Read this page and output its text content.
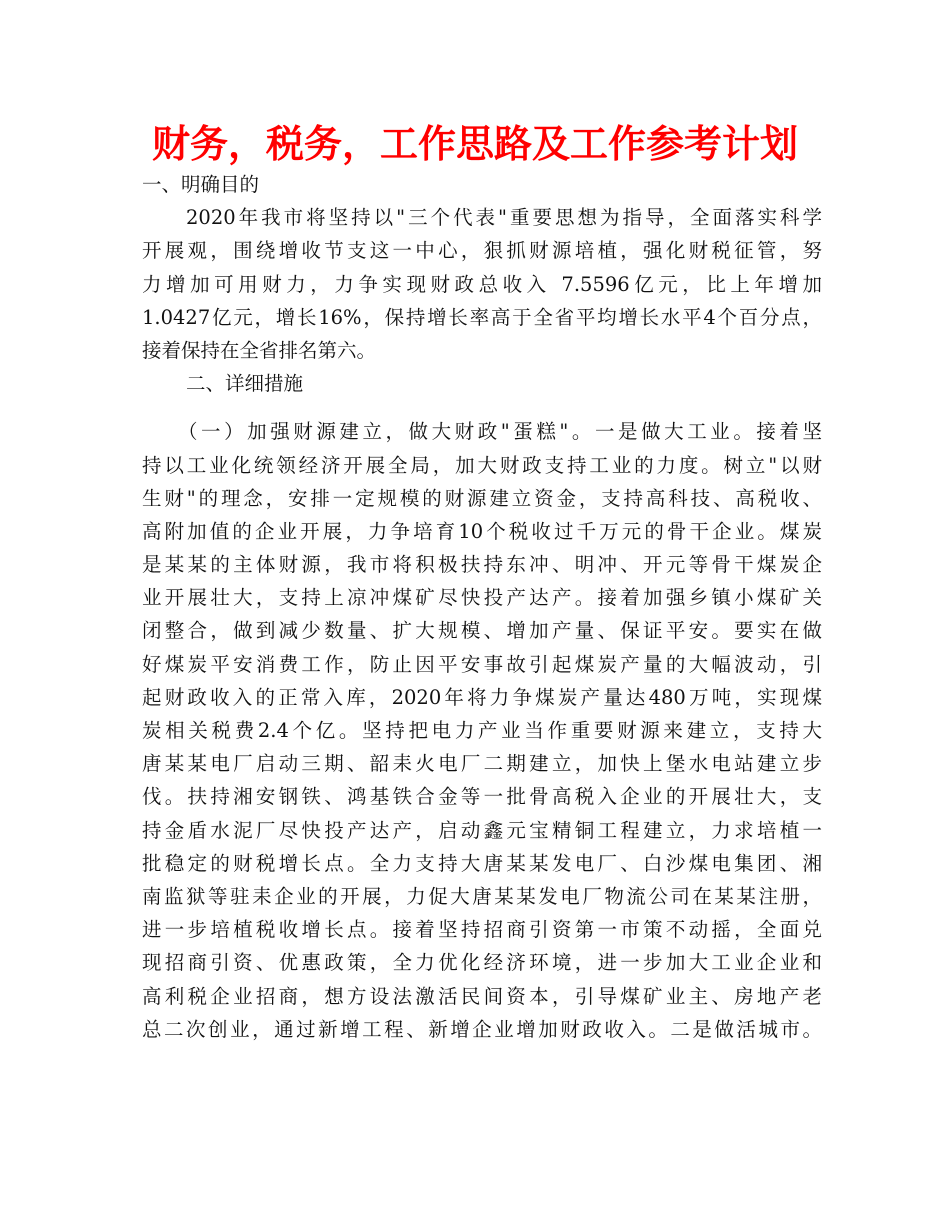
财务，税务，工作思路及工作参考计划
一、明确目的
2020年我市将坚持以"三个代表"重要思想为指导，全面落实科学
开展观，围绕增收节支这一中心，狠抓财源培植，强化财税征管，努
力增加可用财力，力争实现财政总收入 7.5596亿元，比上年增加
1.0427亿元，增长16%，保持增长率高于全省平均增长水平4个百分点，
接着保持在全省排名第六。
二、详细措施
（一）加强财源建立，做大财政"蛋糕"。一是做大工业。接着坚
持以工业化统领经济开展全局，加大财政支持工业的力度。树立"以财
生财"的理念，安排一定规模的财源建立资金，支持高科技、高税收、
高附加值的企业开展，力争培育10个税收过千万元的骨干企业。煤炭
是某某的主体财源，我市将积极扶持东冲、明冲、开元等骨干煤炭企
业开展壮大，支持上凉冲煤矿尽快投产达产。接着加强乡镇小煤矿关
闭整合，做到减少数量、扩大规模、增加产量、保证平安。要实在做
好煤炭平安消费工作，防止因平安事故引起煤炭产量的大幅波动，引
起财政收入的正常入库，2020年将力争煤炭产量达480万吨，实现煤
炭相关税费2.4个亿。坚持把电力产业当作重要财源来建立，支持大
唐某某电厂启动三期、韶耒火电厂二期建立，加快上堡水电站建立步
伐。扶持湘安钢铁、鸿基铁合金等一批骨高税入企业的开展壮大，支
持金盾水泥厂尽快投产达产，启动鑫元宝精铜工程建立，力求培植一
批稳定的财税增长点。全力支持大唐某某发电厂、白沙煤电集团、湘
南监狱等驻耒企业的开展，力促大唐某某发电厂物流公司在某某注册，
进一步培植税收增长点。接着坚持招商引资第一市策不动摇，全面兑
现招商引资、优惠政策，全力优化经济环境，进一步加大工业企业和
高利税企业招商，想方设法激活民间资本，引导煤矿业主、房地产老
总二次创业，通过新增工程、新增企业增加财政收入。二是做活城市。
